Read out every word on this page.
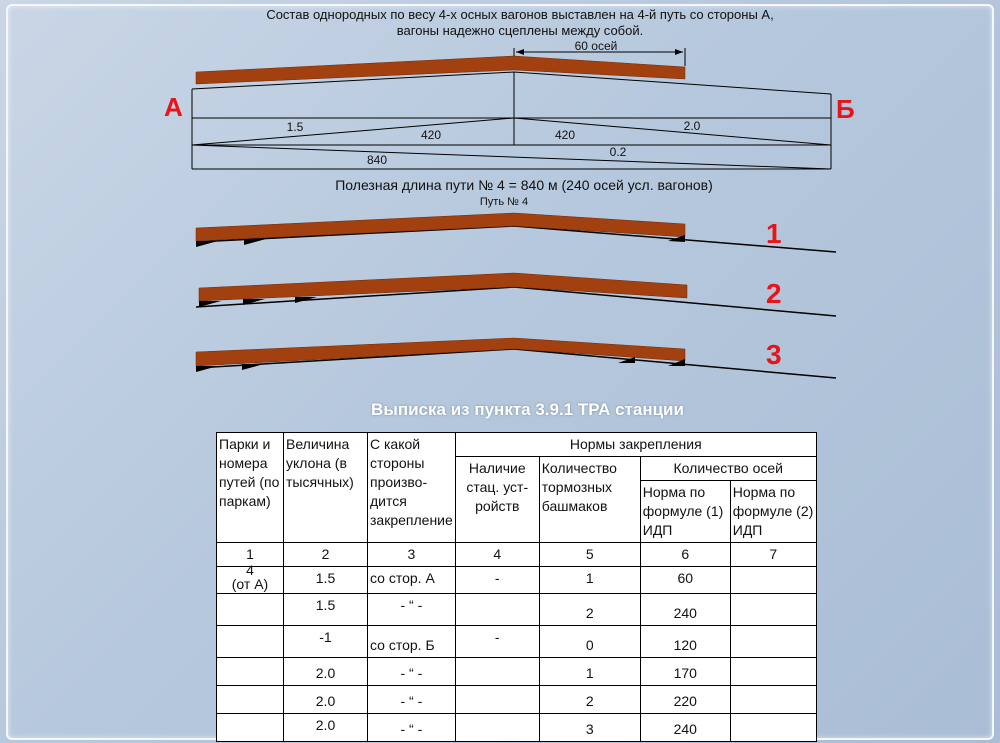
Состав однородных по весу 4-х осных вагонов выставлен на 4-й путь со стороны А,
вагоны надежно сцеплены между собой.
60 осей
А	Б
1.5
420	420
2.0
840
0.2
Полезная длина пути № 4 = 840 м (240 осей усл. вагонов)
Путь № 4
1
2
3
Выписка из пункта 3.9.1 ТРА станции
Парки и номера путей (по паркам)	Величина уклона (в тысячных)	С какой стороны произво-дится закрепление	Нормы закрепления			
			Наличие стац. уст-ройств	Количество тормозных башмаков	Количество осей	
					Норма по формуле (1) ИДП	Норма по формуле (2) ИДП
1	2	3	4	5	6	7

4
(от А)	1.5	со стор. А	-	1	60	
	1.5	- “ -		2	240	
	-1	со стор. Б	-	0	120	
	2.0	- “ -		1	170	
	2.0	- “ -		2	220	
	2.0	- “ -		3	240	
